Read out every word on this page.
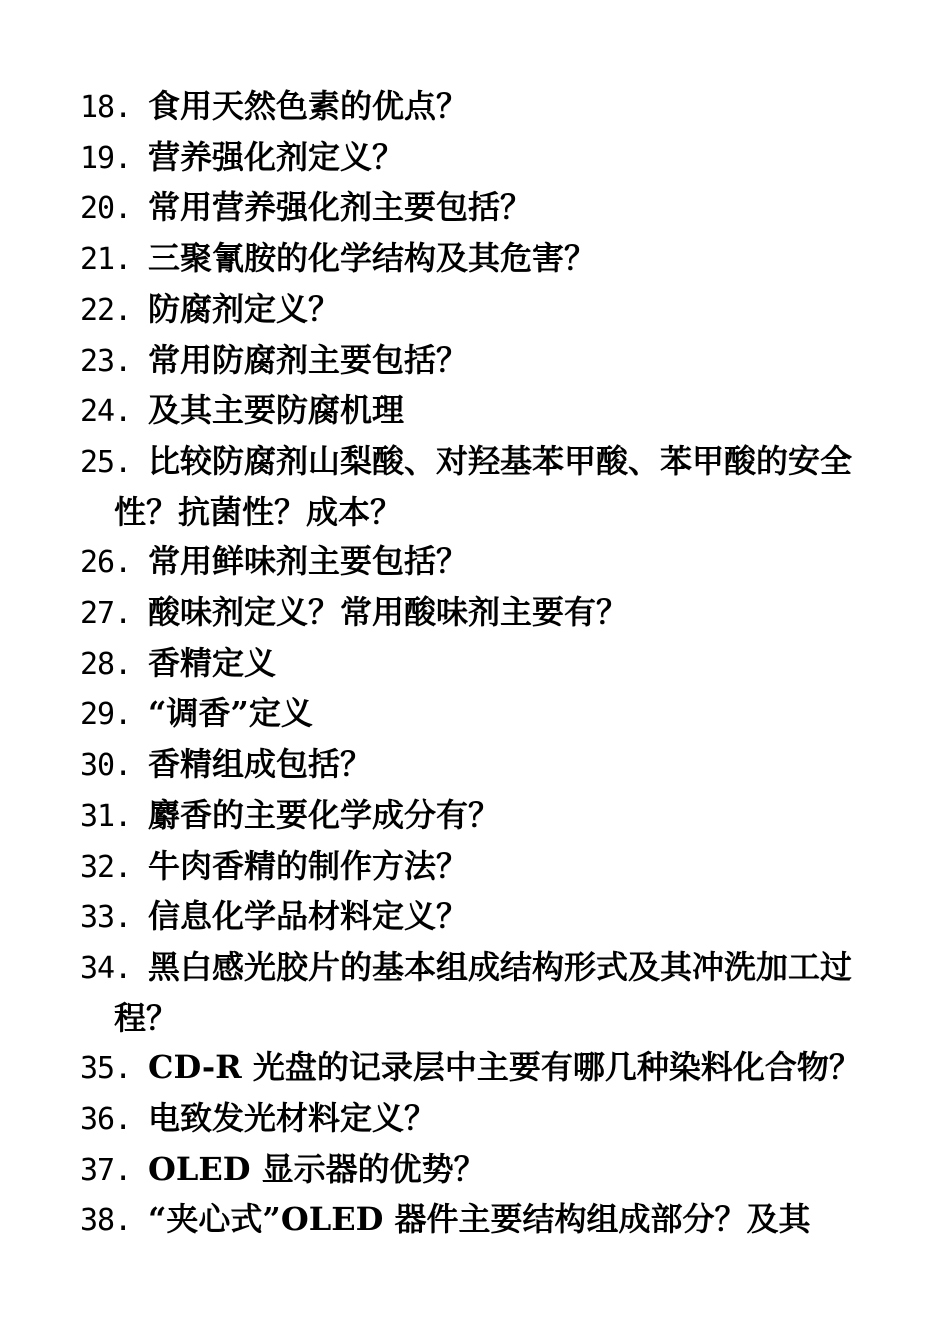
18. 食用天然色素的优点？
19. 营养强化剂定义？
20. 常用营养强化剂主要包括？
21. 三聚氰胺的化学结构及其危害？
22. 防腐剂定义？
23. 常用防腐剂主要包括？
24. 及其主要防腐机理
25. 比较防腐剂山梨酸、对羟基苯甲酸、苯甲酸的安全性？抗菌性？成本？
26. 常用鲜味剂主要包括？
27. 酸味剂定义？常用酸味剂主要有？
28. 香精定义
29. “调香”定义
30. 香精组成包括？
31. 麝香的主要化学成分有？
32. 牛肉香精的制作方法？
33. 信息化学品材料定义？
34. 黑白感光胶片的基本组成结构形式及其冲洗加工过程？
35. CD-R 光盘的记录层中主要有哪几种染料化合物？
36. 电致发光材料定义？
37. OLED 显示器的优势？
38. “夹心式”OLED 器件主要结构组成部分？及其
